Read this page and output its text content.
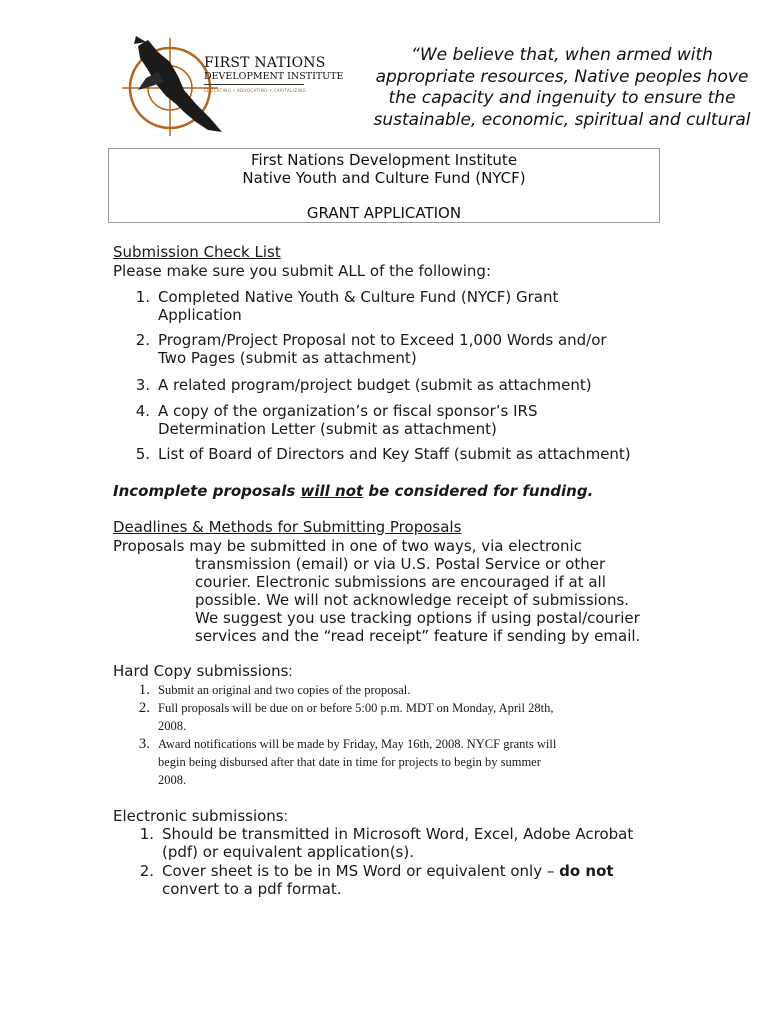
FIRST NATIONS
DEVELOPMENT INSTITUTE
EDUCATING • ADVOCATING • CAPITALIZING
“We believe that, when armed with
appropriate resources, Native peoples hove
the capacity and ingenuity to ensure the
sustainable, economic, spiritual and cultural
First Nations Development Institute
Native Youth and Culture Fund (NYCF)
GRANT APPLICATION
Submission Check List
Please make sure you submit ALL of the following:
1. Completed Native Youth & Culture Fund (NYCF) Grant
Application
2. Program/Project Proposal not to Exceed 1,000 Words and/or
Two Pages (submit as attachment)
3. A related program/project budget (submit as attachment)
4. A copy of the organization’s or fiscal sponsor’s IRS
Determination Letter (submit as attachment)
5. List of Board of Directors and Key Staff (submit as attachment)
Incomplete proposals will not be considered for funding.
Deadlines & Methods for Submitting Proposals
Proposals may be submitted in one of two ways, via electronic
transmission (email) or via U.S. Postal Service or other
courier. Electronic submissions are encouraged if at all
possible. We will not acknowledge receipt of submissions.
We suggest you use tracking options if using postal/courier
services and the “read receipt” feature if sending by email.
Hard Copy submissions:
1. Submit an original and two copies of the proposal.
2. Full proposals will be due on or before 5:00 p.m. MDT on Monday, April 28th,
2008.
3. Award notifications will be made by Friday, May 16th, 2008. NYCF grants will
begin being disbursed after that date in time for projects to begin by summer
2008.
Electronic submissions:
1. Should be transmitted in Microsoft Word, Excel, Adobe Acrobat
(pdf) or equivalent application(s).
2. Cover sheet is to be in MS Word or equivalent only – do not
convert to a pdf format.
